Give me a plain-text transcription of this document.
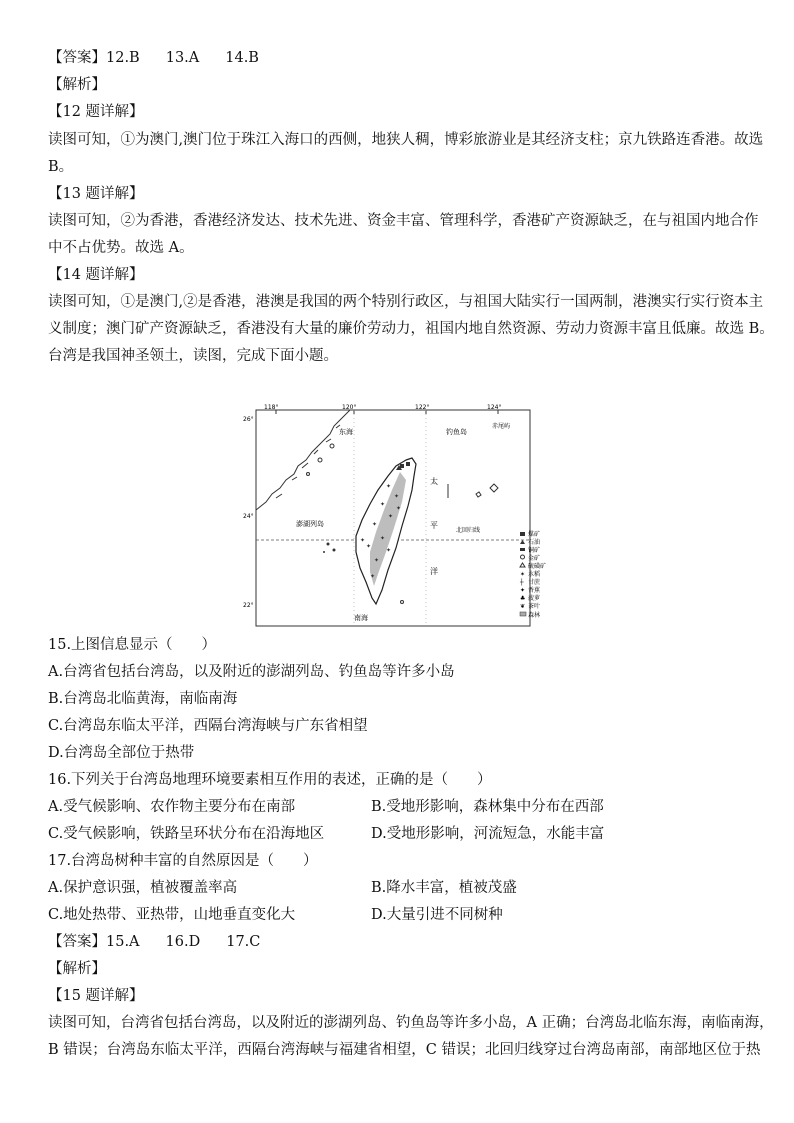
【答案】12.B 13.A 14.B
【解析】
【12 题详解】
读图可知，①为澳门,澳门位于珠江入海口的西侧，地狭人稠，博彩旅游业是其经济支柱；京九铁路连香港。故选
B。
【13 题详解】
读图可知，②为香港，香港经济发达、技术先进、资金丰富、管理科学，香港矿产资源缺乏，在与祖国内地合作
中不占优势。故选 A。
【14 题详解】
读图可知，①是澳门,②是香港，港澳是我国的两个特别行政区，与祖国大陆实行一国两制，港澳实行实行资本主
义制度；澳门矿产资源缺乏，香港没有大量的廉价劳动力，祖国内地自然资源、劳动力资源丰富且低廉。故选 B。
台湾是我国神圣领土，读图，完成下面小题。
118°	120°	122°	124°
26°
24°
22°
✦
✦
✦
✦
✦
✦
✦
✦
✦
✦
✦
✦
东海	钓鱼岛
赤尾屿
澎湖列岛
太
平
洋
北回归线
南海
煤矿
石油
铜矿
金矿
硫磺矿
✶ 水稻
┼ 甘蔗
✦ 香蕉
♣ 菠萝
❦ 茶叶
森林
15.上图信息显示（　　）
A.台湾省包括台湾岛，以及附近的澎湖列岛、钓鱼岛等许多小岛
B.台湾岛北临黄海，南临南海
C.台湾岛东临太平洋，西隔台湾海峡与广东省相望
D.台湾岛全部位于热带
16.下列关于台湾岛地理环境要素相互作用的表述，正确的是（　　）
A.受气候影响、农作物主要分布在南部	B.受地形影响，森林集中分布在西部
C.受气候影响，铁路呈环状分布在沿海地区	D.受地形影响，河流短急，水能丰富
17.台湾岛树种丰富的自然原因是（　　）
A.保护意识强，植被覆盖率高	B.降水丰富，植被茂盛
C.地处热带、亚热带，山地垂直变化大	D.大量引进不同树种
【答案】15.A 16.D 17.C
【解析】
【15 题详解】
读图可知，台湾省包括台湾岛，以及附近的澎湖列岛、钓鱼岛等许多小岛，A 正确；台湾岛北临东海，南临南海，
B 错误；台湾岛东临太平洋，西隔台湾海峡与福建省相望，C 错误；北回归线穿过台湾岛南部，南部地区位于热
